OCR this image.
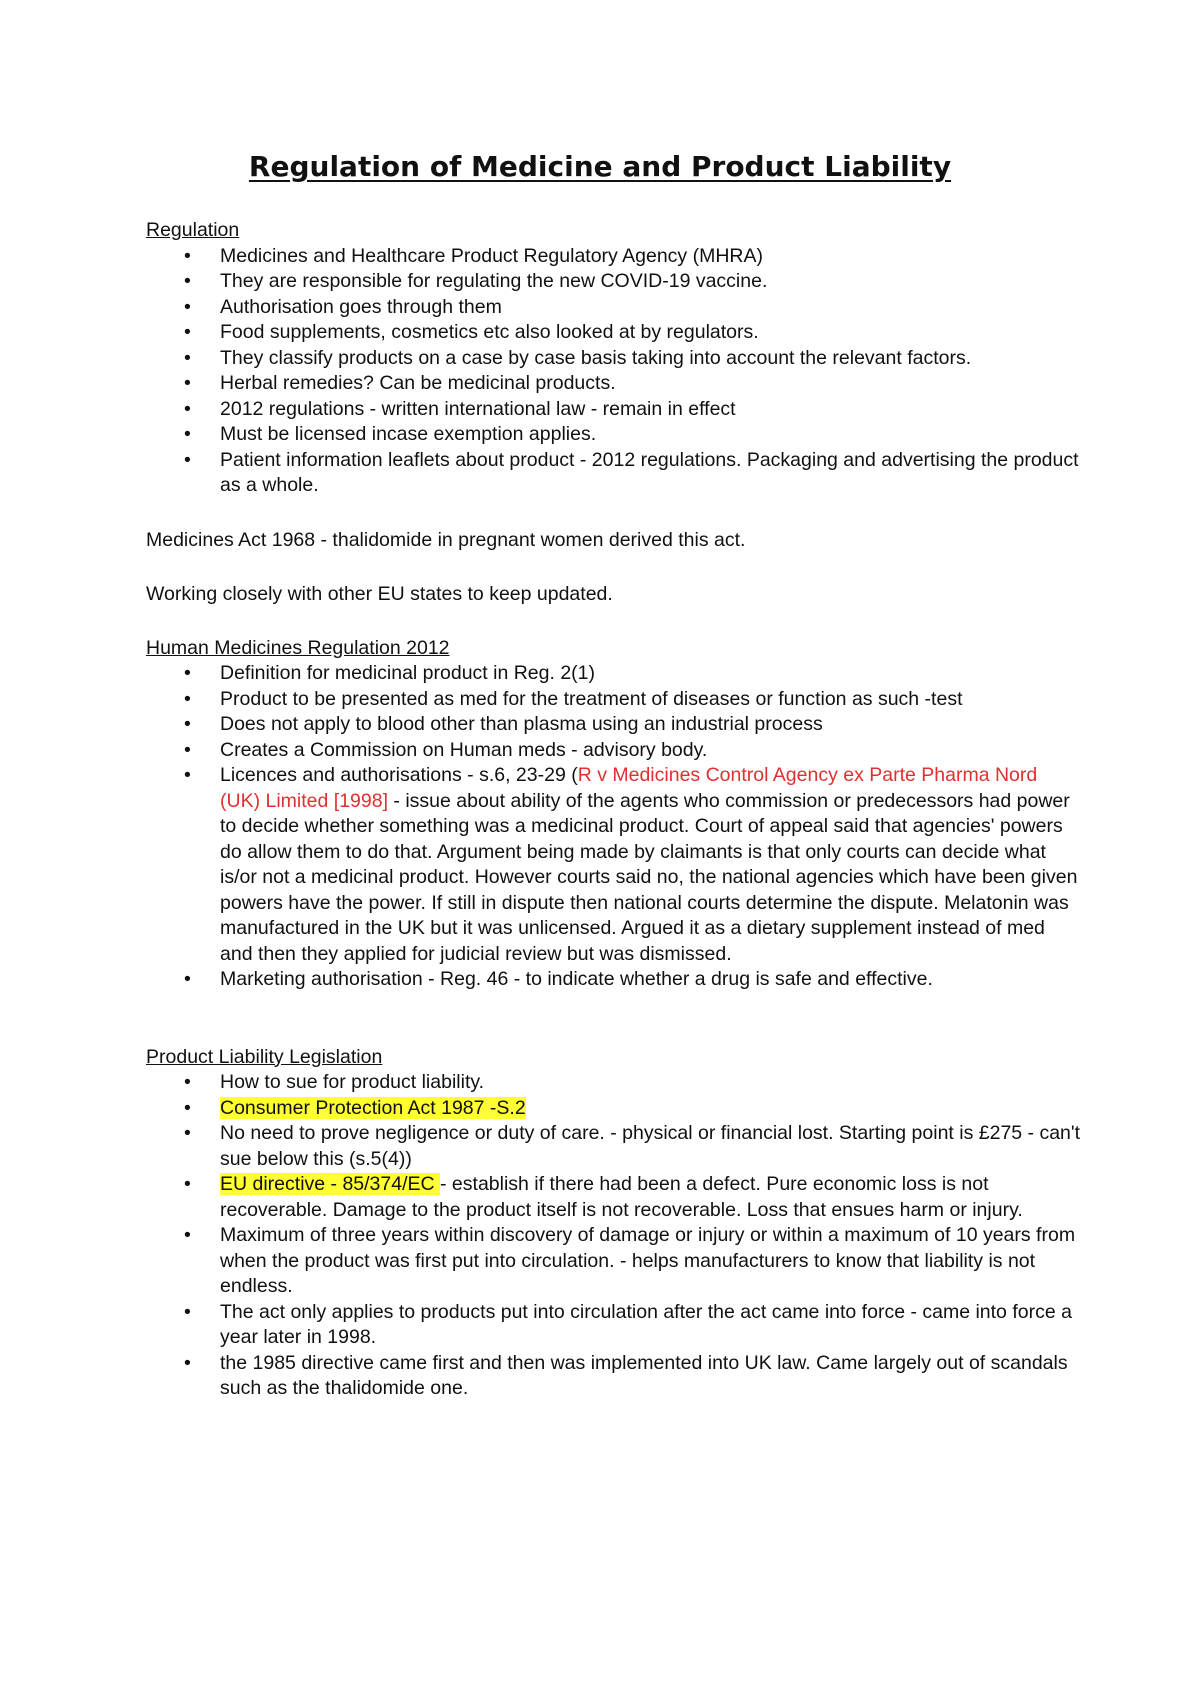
Regulation of Medicine and Product Liability

Regulation

•	Medicines and Healthcare Product Regulatory Agency (MHRA)
•	They are responsible for regulating the new COVID-19 vaccine.
•	Authorisation goes through them
•	Food supplements, cosmetics etc also looked at by regulators.
•	They classify products on a case by case basis taking into account the relevant factors.
•	Herbal remedies? Can be medicinal products.
•	2012 regulations - written international law - remain in effect
•	Must be licensed incase exemption applies.
•	Patient information leaflets about product - 2012 regulations. Packaging and advertising the product as a whole.

Medicines Act 1968 - thalidomide in pregnant women derived this act.

Working closely with other EU states to keep updated.

Human Medicines Regulation 2012

•	Definition for medicinal product in Reg. 2(1)
•	Product to be presented as med for the treatment of diseases or function as such -test
•	Does not apply to blood other than plasma using an industrial process
•	Creates a Commission on Human meds - advisory body.
•	Licences and authorisations - s.6, 23-29 (R v Medicines Control Agency ex Parte Pharma Nord (UK) Limited [1998] - issue about ability of the agents who commission or predecessors had power to decide whether something was a medicinal product. Court of appeal said that agencies' powers do allow them to do that. Argument being made by claimants is that only courts can decide what is/or not a medicinal product. However courts said no, the national agencies which have been given powers have the power. If still in dispute then national courts determine the dispute. Melatonin was manufactured in the UK but it was unlicensed. Argued it as a dietary supplement instead of med and then they applied for judicial review but was dismissed.
•	Marketing authorisation - Reg. 46 - to indicate whether a drug is safe and effective.

Product Liability Legislation

•	How to sue for product liability.
•	Consumer Protection Act 1987 -S.2
•	No need to prove negligence or duty of care. - physical or financial lost. Starting point is £275 - can't sue below this (s.5(4))
•	EU directive - 85/374/EC - establish if there had been a defect. Pure economic loss is not recoverable. Damage to the product itself is not recoverable. Loss that ensues harm or injury.
•	Maximum of three years within discovery of damage or injury or within a maximum of 10 years from when the product was first put into circulation. - helps manufacturers to know that liability is not endless.
•	The act only applies to products put into circulation after the act came into force - came into force a year later in 1998.
•	the 1985 directive came first and then was implemented into UK law. Came largely out of scandals such as the thalidomide one.
